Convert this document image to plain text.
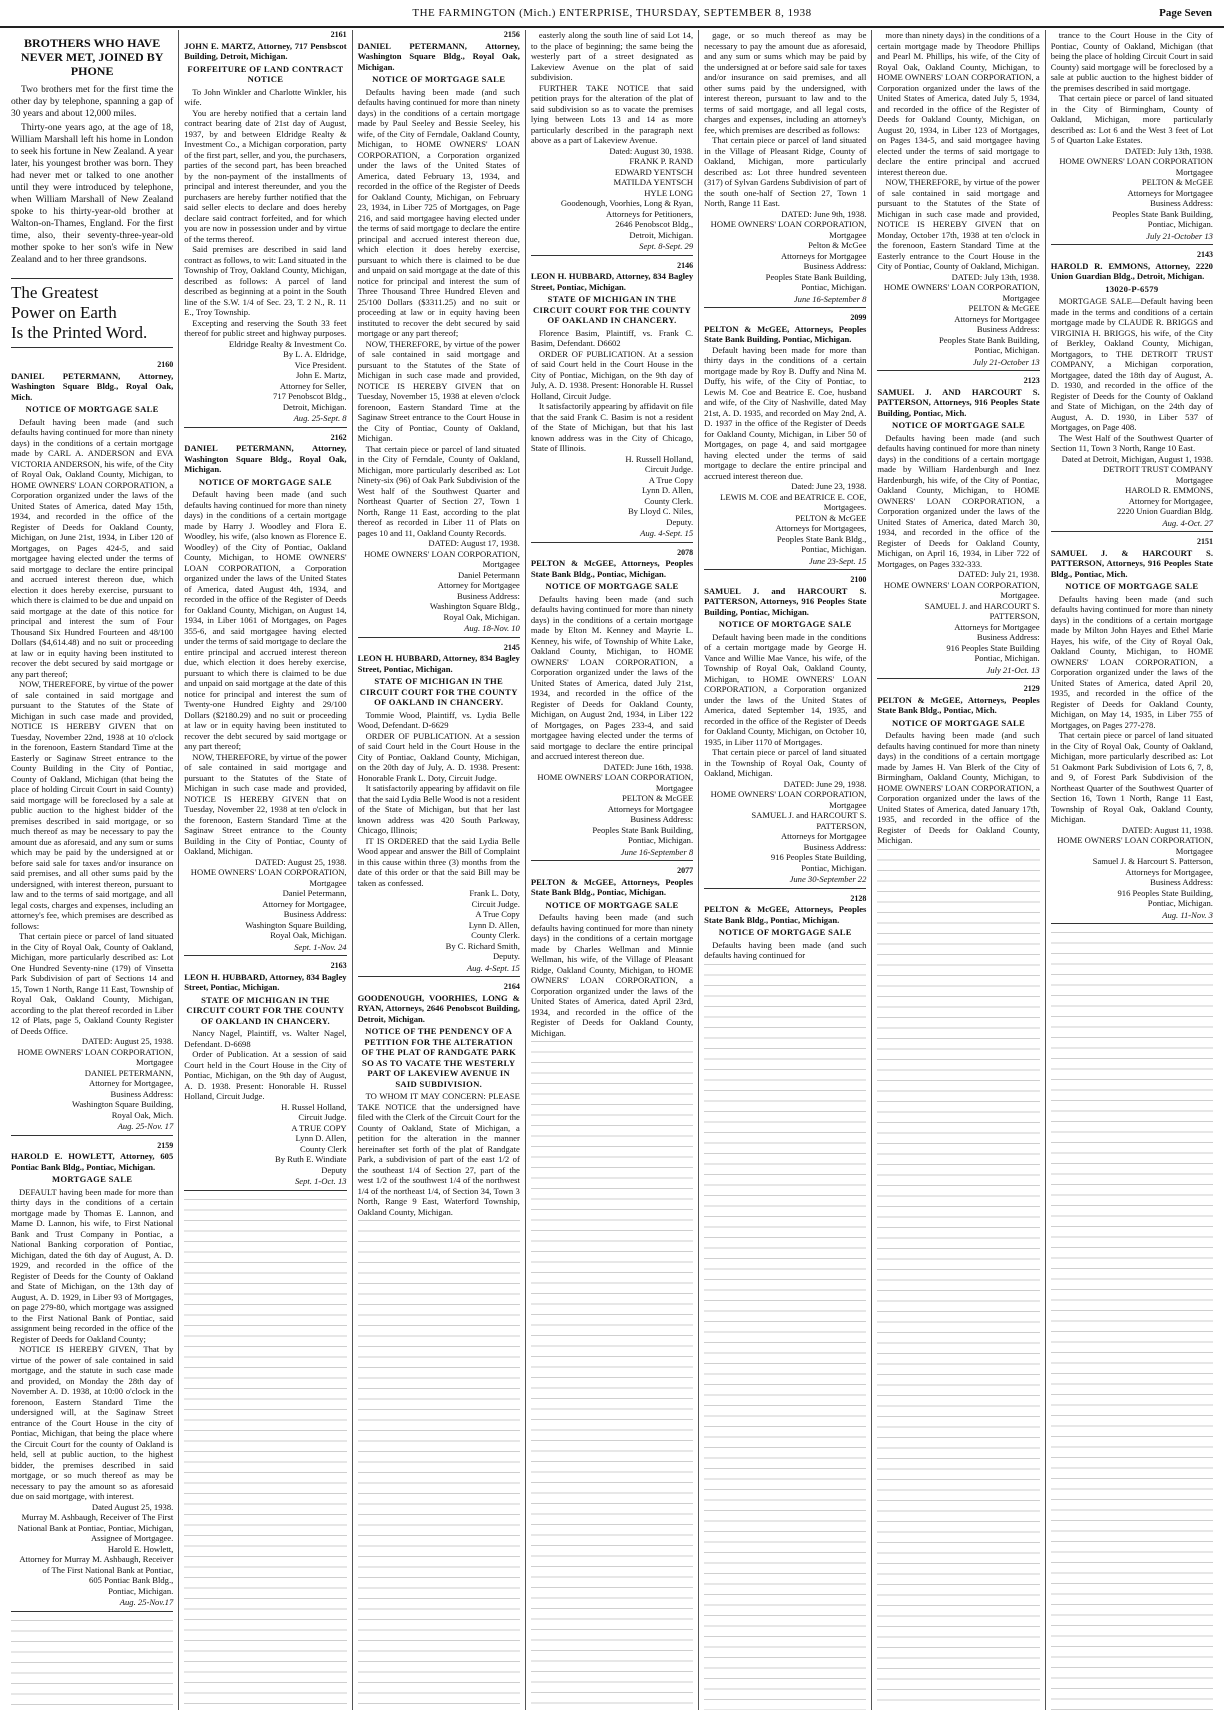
THE FARMINGTON (Mich.) ENTERPRISE, THURSDAY, SEPTEMBER 8, 1938	Page Seven
BROTHERS WHO HAVE NEVER MET, JOINED BY PHONE

Two brothers met for the first time the other day by telephone, spanning a gap of 30 years and about 12,000 miles.

Thirty-one years ago, at the age of 18, William Marshall left his home in London to seek his fortune in New Zealand. A year later, his youngest brother was born. They had never met or talked to one another until they were introduced by telephone, when William Marshall of New Zealand spoke to his thirty-year-old brother at Walton-on-Thames, England. For the first time, also, their seventy-three-year-old mother spoke to her son's wife in New Zealand and to her three grandsons.

The Greatest
Power on Earth
Is the Printed Word.
2160
DANIEL PETERMANN, Attorney, Washington Square Bldg., Royal Oak, Mich.
NOTICE OF MORTGAGE SALE
Default having been made (and such defaults having continued for more than ninety days) in the conditions of a certain mortgage made by CARL A. ANDERSON and EVA VICTORIA ANDERSON, his wife, of the City of Royal Oak, Oakland County, Michigan, to HOME OWNERS' LOAN CORPORATION, a Corporation organized under the laws of the United States of America, dated May 15th, 1934, and recorded in the office of the Register of Deeds for Oakland County, Michigan, on June 21st, 1934, in Liber 120 of Mortgages, on Pages 424-5, and said mortgagee having elected under the terms of said mortgage to declare the entire principal and accrued interest thereon due, which election it does hereby exercise, pursuant to which there is claimed to be due and unpaid on said mortgage at the date of this notice for principal and interest the sum of Four Thousand Six Hundred Fourteen and 48/100 Dollars ($4,614.48) and no suit or proceeding at law or in equity having been instituted to recover the debt secured by said mortgage or any part thereof;
NOW, THEREFORE, by virtue of the power of sale contained in said mortgage and pursuant to the Statutes of the State of Michigan in such case made and provided, NOTICE IS HEREBY GIVEN that on Tuesday, November 22nd, 1938 at 10 o'clock in the forenoon, Eastern Standard Time at the Easterly or Saginaw Street entrance to the County Building in the City of Pontiac, County of Oakland, Michigan (that being the place of holding Circuit Court in said County) said mortgage will be foreclosed by a sale at public auction to the highest bidder of the premises described in said mortgage, or so much thereof as may be necessary to pay the amount due as aforesaid, and any sum or sums which may be paid by the undersigned at or before said sale for taxes and/or insurance on said premises, and all other sums paid by the undersigned, with interest thereon, pursuant to law and to the terms of said mortgage, and all legal costs, charges and expenses, including an attorney's fee, which premises are described as follows:
That certain piece or parcel of land situated in the City of Royal Oak, County of Oakland, Michigan, more particularly described as: Lot One Hundred Seventy-nine (179) of Vinsetta Park Subdivision of part of Sections 14 and 15, Town 1 North, Range 11 East, Township of Royal Oak, Oakland County, Michigan, according to the plat thereof recorded in Liber 12 of Plats, page 5, Oakland County Register of Deeds Office.
DATED: August 25, 1938.
HOME OWNERS' LOAN CORPORATION,
Mortgagee
DANIEL PETERMANN,
Attorney for Mortgagee,
Business Address:
Washington Square Building,
Royal Oak, Mich.
Aug. 25-Nov. 17
2159
HAROLD E. HOWLETT, Attorney, 605 Pontiac Bank Bldg., Pontiac, Michigan.
MORTGAGE SALE
DEFAULT having been made for more than thirty days in the conditions of a certain mortgage made by Thomas E. Lannon, and Mame D. Lannon, his wife, to First National Bank and Trust Company in Pontiac, a National Banking corporation of Pontiac, Michigan, dated the 6th day of August, A. D. 1929, and recorded in the office of the Register of Deeds for the County of Oakland and State of Michigan, on the 13th day of August, A. D. 1929, in Liber 93 of Mortgages, on page 279-80, which mortgage was assigned to the First National Bank of Pontiac, said assignment being recorded in the office of the Register of Deeds for Oakland County;
NOTICE IS HEREBY GIVEN, That by virtue of the power of sale contained in said mortgage, and the statute in such case made and provided, on Monday the 28th day of November A. D. 1938, at 10:00 o'clock in the forenoon, Eastern Standard Time the undersigned will, at the Saginaw Street entrance of the Court House in the city of Pontiac, Michigan, that being the place where the Circuit Court for the county of Oakland is held, sell at public auction, to the highest bidder, the premises described in said mortgage, or so much thereof as may be necessary to pay the amount so as aforesaid due on said mortgage, with interest.
Dated August 25, 1938.
Murray M. Ashbaugh, Receiver of The First National Bank at Pontiac, Pontiac, Michigan,
Assignee of Mortgagee.
Harold E. Howlett,
Attorney for Murray M. Ashbaugh, Receiver of The First National Bank at Pontiac,
605 Pontiac Bank Bldg.,
Pontiac, Michigan.
Aug. 25-Nov.17
2161
JOHN E. MARTZ, Attorney, 717 Pensbscot Building, Detroit, Michigan.
FORFEITURE OF LAND CONTRACT NOTICE
To John Winkler and Charlotte Winkler, his wife.
You are hereby notified that a certain land contract bearing date of 21st day of August, 1937, by and between Eldridge Realty & Investment Co., a Michigan corporation, party of the first part, seller, and you, the purchasers, parties of the second part, has been breached by the non-payment of the installments of principal and interest thereunder, and you the purchasers are hereby further notified that the said seller elects to declare and does hereby declare said contract forfeited, and for which you are now in possession under and by virtue of the terms thereof.
Said premises are described in said land contract as follows, to wit: Land situated in the Township of Troy, Oakland County, Michigan, described as follows: A parcel of land described as beginning at a point in the South line of the S.W. 1/4 of Sec. 23, T. 2 N., R. 11 E., Troy Township.
Excepting and reserving the South 33 feet thereof for public street and highway purposes.
Eldridge Realty & Investment Co.
By L. A. Eldridge,
Vice President.
John E. Martz,
Attorney for Seller,
717 Penobscot Bldg.,
Detroit, Michigan.
Aug. 25-Sept. 8
2162
DANIEL PETERMANN, Attorney, Washington Square Bldg., Royal Oak, Michigan.
NOTICE OF MORTGAGE SALE
Default having been made (and such defaults having continued for more than ninety days) in the conditions of a certain mortgage made by Harry J. Woodley and Flora E. Woodley, his wife, (also known as Florence E. Woodley) of the City of Pontiac, Oakland County, Michigan, to HOME OWNERS' LOAN CORPORATION, a Corporation organized under the laws of the United States of America, dated August 4th, 1934, and recorded in the office of the Register of Deeds for Oakland County, Michigan, on August 14, 1934, in Liber 1061 of Mortgages, on Pages 355-6, and said mortgagee having elected under the terms of said mortgage to declare the entire principal and accrued interest thereon due, which election it does hereby exercise, pursuant to which there is claimed to be due and unpaid on said mortgage at the date of this notice for principal and interest the sum of Twenty-one Hundred Eighty and 29/100 Dollars ($2180.29) and no suit or proceeding at law or in equity having been instituted to recover the debt secured by said mortgage or any part thereof;
NOW, THEREFORE, by virtue of the power of sale contained in said mortgage and pursuant to the Statutes of the State of Michigan in such case made and provided, NOTICE IS HEREBY GIVEN that on Tuesday, November 22, 1938 at ten o'clock in the forenoon, Eastern Standard Time at the Saginaw Street entrance to the County Building in the City of Pontiac, County of Oakland, Michigan.
DATED: August 25, 1938.
HOME OWNERS' LOAN CORPORATION,
Mortgagee
Daniel Petermann,
Attorney for Mortgagee,
Business Address:
Washington Square Building,
Royal Oak, Michigan.
Sept. 1-Nov. 24
2163
LEON H. HUBBARD, Attorney, 834 Bagley Street, Pontiac, Michigan.
STATE OF MICHIGAN IN THE CIRCUIT COURT FOR THE COUNTY OF OAKLAND IN CHANCERY.
Nancy Nagel, Plaintiff, vs. Walter Nagel, Defendant. D-6698
Order of Publication. At a session of said Court held in the Court House in the City of Pontiac, Michigan, on the 9th day of August, A. D. 1938. Present: Honorable H. Russel Holland, Circuit Judge.
H. Russel Holland,
Circuit Judge.
A TRUE COPY
Lynn D. Allen,
County Clerk
By Ruth E. Windiate
Deputy
Sept. 1-Oct. 13
2156
DANIEL PETERMANN, Attorney, Washington Square Bldg., Royal Oak, Michigan.
NOTICE OF MORTGAGE SALE
Defaults having been made (and such defaults having continued for more than ninety days) in the conditions of a certain mortgage made by Paul Seeley and Bessie Seeley, his wife, of the City of Ferndale, Oakland County, Michigan, to HOME OWNERS' LOAN CORPORATION, a Corporation organized under the laws of the United States of America, dated February 13, 1934, and recorded in the office of the Register of Deeds for Oakland County, Michigan, on February 23, 1934, in Liber 725 of Mortgages, on Page 216, and said mortgagee having elected under the terms of said mortgage to declare the entire principal and accrued interest thereon due, which election it does hereby exercise, pursuant to which there is claimed to be due and unpaid on said mortgage at the date of this notice for principal and interest the sum of Three Thousand Three Hundred Eleven and 25/100 Dollars ($3311.25) and no suit or proceeding at law or in equity having been instituted to recover the debt secured by said mortgage or any part thereof;
NOW, THEREFORE, by virtue of the power of sale contained in said mortgage and pursuant to the Statutes of the State of Michigan in such case made and provided, NOTICE IS HEREBY GIVEN that on Tuesday, November 15, 1938 at eleven o'clock forenoon, Eastern Standard Time at the Saginaw Street entrance to the Court House in the City of Pontiac, County of Oakland, Michigan.
That certain piece or parcel of land situated in the City of Ferndale, County of Oakland, Michigan, more particularly described as: Lot Ninety-six (96) of Oak Park Subdivision of the West half of the Southwest Quarter and Northeast Quarter of Section 27, Town 1 North, Range 11 East, according to the plat thereof as recorded in Liber 11 of Plats on pages 10 and 11, Oakland County Records.
DATED: August 17, 1938.
HOME OWNERS' LOAN CORPORATION,
Mortgagee
Daniel Petermann
Attorney for Mortgagee
Business Address:
Washington Square Bldg.,
Royal Oak, Michigan.
Aug. 18-Nov. 10
2145
LEON H. HUBBARD, Attorney, 834 Bagley Street, Pontiac, Michigan.
STATE OF MICHIGAN IN THE CIRCUIT COURT FOR THE COUNTY OF OAKLAND IN CHANCERY.
Tommie Wood, Plaintiff, vs. Lydia Belle Wood, Defendant. D-6629
ORDER OF PUBLICATION. At a session of said Court held in the Court House in the City of Pontiac, Oakland County, Michigan, on the 20th day of July, A. D. 1938. Present: Honorable Frank L. Doty, Circuit Judge.
It satisfactorily appearing by affidavit on file that the said Lydia Belle Wood is not a resident of the State of Michigan, but that her last known address was 420 South Parkway, Chicago, Illinois;
IT IS ORDERED that the said Lydia Belle Wood appear and answer the Bill of Complaint in this cause within three (3) months from the date of this order or that the said Bill may be taken as confessed.
Frank L. Doty,
Circuit Judge.
A True Copy
Lynn D. Allen,
County Clerk.
By C. Richard Smith,
Deputy.
Aug. 4-Sept. 15
2164
GOODENOUGH, VOORHIES, LONG & RYAN, Attorneys, 2646 Penobscot Building, Detroit, Michigan.
NOTICE OF THE PENDENCY OF A PETITION FOR THE ALTERATION OF THE PLAT OF RANDGATE PARK SO AS TO VACATE THE WESTERLY PART OF LAKEVIEW AVENUE IN SAID SUBDIVISION.
TO WHOM IT MAY CONCERN: PLEASE TAKE NOTICE that the undersigned have filed with the Clerk of the Circuit Court for the County of Oakland, State of Michigan, a petition for the alteration in the manner hereinafter set forth of the plat of Randgate Park, a subdivision of part of the east 1/2 of the southeast 1/4 of Section 27, part of the west 1/2 of the southwest 1/4 of the northwest 1/4 of the northeast 1/4, of Section 34, Town 3 North, Range 9 East, Waterford Township, Oakland County, Michigan.
easterly along the south line of said Lot 14, to the place of beginning; the same being the westerly part of a street designated as Lakeview Avenue on the plat of said subdivision.
FURTHER TAKE NOTICE that said petition prays for the alteration of the plat of said subdivision so as to vacate the premises lying between Lots 13 and 14 as more particularly described in the paragraph next above as a part of Lakeview Avenue.
Dated: August 30, 1938.
FRANK P. RAND
EDWARD YENTSCH
MATILDA YENTSCH
HYLE LONG
Goodenough, Voorhies, Long & Ryan,
Attorneys for Petitioners,
2646 Penobscot Bldg.,
Detroit, Michigan.
Sept. 8-Sept. 29
2146
LEON H. HUBBARD, Attorney, 834 Bagley Street, Pontiac, Michigan.
STATE OF MICHIGAN IN THE CIRCUIT COURT FOR THE COUNTY OF OAKLAND IN CHANCERY.
Florence Basim, Plaintiff, vs. Frank C. Basim, Defendant. D6602
ORDER OF PUBLICATION. At a session of said Court held in the Court House in the City of Pontiac, Michigan, on the 9th day of July, A. D. 1938. Present: Honorable H. Russel Holland, Circuit Judge.
It satisfactorily appearing by affidavit on file that the said Frank C. Basim is not a resident of the State of Michigan, but that his last known address was in the City of Chicago, State of Illinois.
H. Russell Holland,
Circuit Judge.
A True Copy
Lynn D. Allen,
County Clerk.
By Lloyd C. Niles,
Deputy.
Aug. 4-Sept. 15
2078
PELTON & McGEE, Attorneys, Peoples State Bank Bldg., Pontiac, Michigan.
NOTICE OF MORTGAGE SALE
Defaults having been made (and such defaults having continued for more than ninety days) in the conditions of a certain mortgage made by Elton M. Kenney and Mayrie L. Kenney, his wife, of Township of White Lake, Oakland County, Michigan, to HOME OWNERS' LOAN CORPORATION, a Corporation organized under the laws of the United States of America, dated July 21st, 1934, and recorded in the office of the Register of Deeds for Oakland County, Michigan, on August 2nd, 1934, in Liber 122 of Mortgages, on Pages 233-4, and said mortgagee having elected under the terms of said mortgage to declare the entire principal and accrued interest thereon due.
DATED: June 16th, 1938.
HOME OWNERS' LOAN CORPORATION,
Mortgagee
PELTON & McGEE
Attorneys for Mortgagee
Business Address:
Peoples State Bank Building,
Pontiac, Michigan.
June 16-September 8
2077
PELTON & McGEE, Attorneys, Peoples State Bank Bldg., Pontiac, Michigan.
NOTICE OF MORTGAGE SALE
Defaults having been made (and such defaults having continued for more than ninety days) in the conditions of a certain mortgage made by Charles Wellman and Minnie Wellman, his wife, of the Village of Pleasant Ridge, Oakland County, Michigan, to HOME OWNERS' LOAN CORPORATION, a Corporation organized under the laws of the United States of America, dated April 23rd, 1934, and recorded in the office of the Register of Deeds for Oakland County, Michigan.
gage, or so much thereof as may be necessary to pay the amount due as aforesaid, and any sum or sums which may be paid by the undersigned at or before said sale for taxes and/or insurance on said premises, and all other sums paid by the undersigned, with interest thereon, pursuant to law and to the terms of said mortgage, and all legal costs, charges and expenses, including an attorney's fee, which premises are described as follows:
That certain piece or parcel of land situated in the Village of Pleasant Ridge, County of Oakland, Michigan, more particularly described as: Lot three hundred seventeen (317) of Sylvan Gardens Subdivision of part of the south one-half of Section 27, Town 1 North, Range 11 East.
DATED: June 9th, 1938.
HOME OWNERS' LOAN CORPORATION,
Mortgagee
Pelton & McGee
Attorneys for Mortgagee
Business Address:
Peoples State Bank Building,
Pontiac, Michigan.
June 16-September 8
2099
PELTON & McGEE, Attorneys, Peoples State Bank Building, Pontiac, Michigan.
Default having been made for more than thirty days in the conditions of a certain mortgage made by Roy B. Duffy and Nina M. Duffy, his wife, of the City of Pontiac, to Lewis M. Coe and Beatrice E. Coe, husband and wife, of the City of Nashville, dated May 21st, A. D. 1935, and recorded on May 2nd, A. D. 1937 in the office of the Register of Deeds for Oakland County, Michigan, in Liber 50 of Mortgages, on page 4, and said mortgagee having elected under the terms of said mortgage to declare the entire principal and accrued interest thereon due.
Dated: June 23, 1938.
LEWIS M. COE and BEATRICE E. COE,
Mortgagees.
PELTON & McGEE
Attorneys for Mortgagees,
Peoples State Bank Bldg.,
Pontiac, Michigan.
June 23-Sept. 15
2100
SAMUEL J. and HARCOURT S. PATTERSON, Attorneys, 916 Peoples State Building, Pontiac, Michigan.
NOTICE OF MORTGAGE SALE
Default having been made in the conditions of a certain mortgage made by George H. Vance and Willie Mae Vance, his wife, of the Township of Royal Oak, Oakland County, Michigan, to HOME OWNERS' LOAN CORPORATION, a Corporation organized under the laws of the United States of America, dated September 14, 1935, and recorded in the office of the Register of Deeds for Oakland County, Michigan, on October 10, 1935, in Liber 1170 of Mortgages.
That certain piece or parcel of land situated in the Township of Royal Oak, County of Oakland, Michigan.
DATED: June 29, 1938.
HOME OWNERS' LOAN CORPORATION,
Mortgagee
SAMUEL J. and HARCOURT S. PATTERSON,
Attorneys for Mortgagee
Business Address:
916 Peoples State Building,
Pontiac, Michigan.
June 30-September 22
2128
PELTON & McGEE, Attorneys, Peoples State Bank Bldg., Pontiac, Michigan.
NOTICE OF MORTGAGE SALE
Defaults having been made (and such defaults having continued for
more than ninety days) in the conditions of a certain mortgage made by Theodore Phillips and Pearl M. Phillips, his wife, of the City of Royal Oak, Oakland County, Michigan, to HOME OWNERS' LOAN CORPORATION, a Corporation organized under the laws of the United States of America, dated July 5, 1934, and recorded in the office of the Register of Deeds for Oakland County, Michigan, on August 20, 1934, in Liber 123 of Mortgages, on Pages 134-5, and said mortgagee having elected under the terms of said mortgage to declare the entire principal and accrued interest thereon due.
NOW, THEREFORE, by virtue of the power of sale contained in said mortgage and pursuant to the Statutes of the State of Michigan in such case made and provided, NOTICE IS HEREBY GIVEN that on Monday, October 17th, 1938 at ten o'clock in the forenoon, Eastern Standard Time at the Easterly entrance to the Court House in the City of Pontiac, County of Oakland, Michigan.
DATED: July 13th, 1938.
HOME OWNERS' LOAN CORPORATION,
Mortgagee
PELTON & McGEE
Attorneys for Mortgagee
Business Address:
Peoples State Bank Building,
Pontiac, Michigan.
July 21-October 13
2123
SAMUEL J. AND HARCOURT S. PATTERSON, Attorneys, 916 Peoples State Building, Pontiac, Mich.
NOTICE OF MORTGAGE SALE
Defaults having been made (and such defaults having continued for more than ninety days) in the conditions of a certain mortgage made by William Hardenburgh and Inez Hardenburgh, his wife, of the City of Pontiac, Oakland County, Michigan, to HOME OWNERS' LOAN CORPORATION, a Corporation organized under the laws of the United States of America, dated March 30, 1934, and recorded in the office of the Register of Deeds for Oakland County, Michigan, on April 16, 1934, in Liber 722 of Mortgages, on Pages 332-333.
DATED: July 21, 1938.
HOME OWNERS' LOAN CORPORATION,
Mortgagee.
SAMUEL J. and HARCOURT S. PATTERSON,
Attorneys for Mortgagee
Business Address:
916 Peoples State Building
Pontiac, Michigan.
July 21-Oct. 13
2129
PELTON & McGEE, Attorneys, Peoples State Bank Bldg., Pontiac, Mich.
NOTICE OF MORTGAGE SALE
Defaults having been made (and such defaults having continued for more than ninety days) in the conditions of a certain mortgage made by James H. Van Blerk of the City of Birmingham, Oakland County, Michigan, to HOME OWNERS' LOAN CORPORATION, a Corporation organized under the laws of the United States of America, dated January 17th, 1935, and recorded in the office of the Register of Deeds for Oakland County, Michigan.
trance to the Court House in the City of Pontiac, County of Oakland, Michigan (that being the place of holding Circuit Court in said County) said mortgage will be foreclosed by a sale at public auction to the highest bidder of the premises described in said mortgage.
That certain piece or parcel of land situated in the City of Birmingham, County of Oakland, Michigan, more particularly described as: Lot 6 and the West 3 feet of Lot 5 of Quarton Lake Estates.
DATED: July 13th, 1938.
HOME OWNERS' LOAN CORPORATION
Mortgagee
PELTON & McGEE
Attorneys for Mortgagee
Business Address:
Peoples State Bank Building,
Pontiac, Michigan.
July 21-October 13
2143
HAROLD R. EMMONS, Attorney, 2220 Union Guardian Bldg., Detroit, Michigan.
13020-P-6579
MORTGAGE SALE—Default having been made in the terms and conditions of a certain mortgage made by CLAUDE R. BRIGGS and VIRGINIA H. BRIGGS, his wife, of the City of Berkley, Oakland County, Michigan, Mortgagors, to THE DETROIT TRUST COMPANY, a Michigan corporation, Mortgagee, dated the 18th day of August, A. D. 1930, and recorded in the office of the Register of Deeds for the County of Oakland and State of Michigan, on the 24th day of August, A. D. 1930, in Liber 537 of Mortgages, on Page 408.
The West Half of the Southwest Quarter of Section 11, Town 3 North, Range 10 East.
Dated at Detroit, Michigan, August 1, 1938.
DETROIT TRUST COMPANY
Mortgagee
HAROLD R. EMMONS,
Attorney for Mortgagee,
2220 Union Guardian Bldg.
Aug. 4-Oct. 27
2151
SAMUEL J. & HARCOURT S. PATTERSON, Attorneys, 916 Peoples State Bldg., Pontiac, Mich.
NOTICE OF MORTGAGE SALE
Defaults having been made (and such defaults having continued for more than ninety days) in the conditions of a certain mortgage made by Milton John Hayes and Ethel Marie Hayes, his wife, of the City of Royal Oak, Oakland County, Michigan, to HOME OWNERS' LOAN CORPORATION, a Corporation organized under the laws of the United States of America, dated April 20, 1935, and recorded in the office of the Register of Deeds for Oakland County, Michigan, on May 14, 1935, in Liber 755 of Mortgages, on Pages 277-278.
That certain piece or parcel of land situated in the City of Royal Oak, County of Oakland, Michigan, more particularly described as: Lot 51 Oakmont Park Subdivision of Lots 6, 7, 8, and 9, of Forest Park Subdivision of the Northeast Quarter of the Southwest Quarter of Section 16, Town 1 North, Range 11 East, Township of Royal Oak, Oakland County, Michigan.
DATED: August 11, 1938.
HOME OWNERS' LOAN CORPORATION,
Mortgagee
Samuel J. & Harcourt S. Patterson,
Attorneys for Mortgagee,
Business Address:
916 Peoples State Building,
Pontiac, Michigan.
Aug. 11-Nov. 3
